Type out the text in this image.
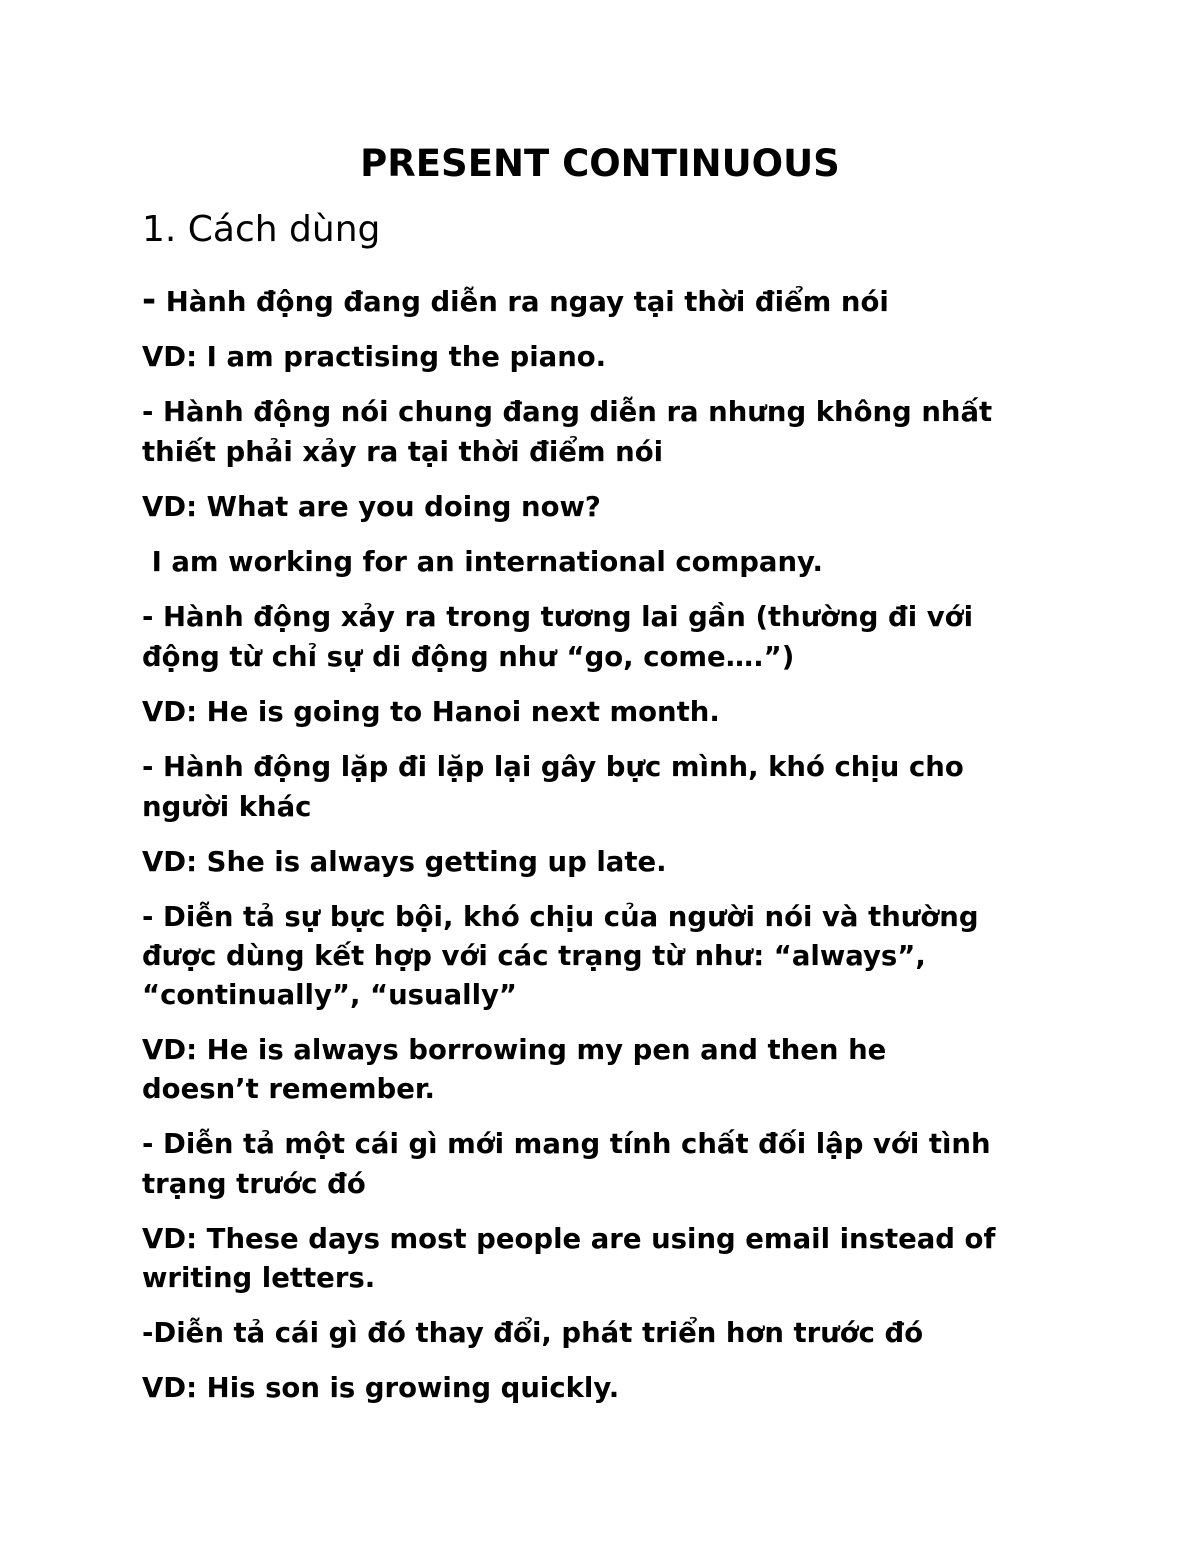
PRESENT CONTINUOUS
1. Cách dùng
- Hành động đang diễn ra ngay tại thời điểm nói
VD: I am practising the piano.
- Hành động nói chung đang diễn ra nhưng không nhất
thiết phải xảy ra tại thời điểm nói
VD: What are you doing now?
I am working for an international company.
- Hành động xảy ra trong tương lai gần (thường đi với
động từ chỉ sự di động như “go, come….”)
VD: He is going to Hanoi next month.
- Hành động lặp đi lặp lại gây bực mình, khó chịu cho
người khác
VD: She is always getting up late.
- Diễn tả sự bực bội, khó chịu của người nói và thường
được dùng kết hợp với các trạng từ như: “always”,
“continually”, “usually”
VD: He is always borrowing my pen and then he
doesn’t remember.
- Diễn tả một cái gì mới mang tính chất đối lập với tình
trạng trước đó
VD: These days most people are using email instead of
writing letters.
-Diễn tả cái gì đó thay đổi, phát triển hơn trước đó
VD: His son is growing quickly.
